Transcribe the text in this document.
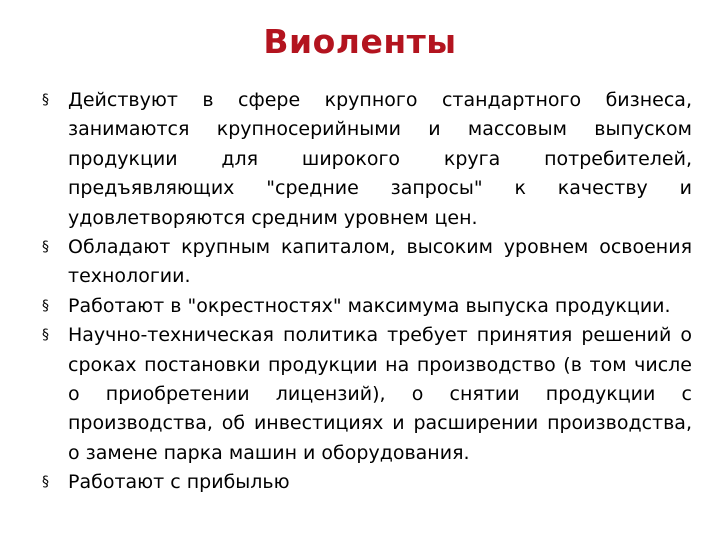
Виоленты
§ Действуют в сфере крупного стандартного бизнеса, занимаются крупносерийными и массовым выпуском продукции для широкого круга потребителей, предъявляющих "средние запросы" к качеству и удовлетворяются средним уровнем цен.
§ Обладают крупным капиталом, высоким уровнем освоения технологии.
§ Работают в "окрестностях" максимума выпуска продукции.
§ Научно-техническая политика требует принятия решений о сроках постановки продукции на производство (в том числе о приобретении лицензий), о снятии продукции с производства, об инвестициях и расширении производства, о замене парка машин и оборудования.
§ Работают с прибылью
